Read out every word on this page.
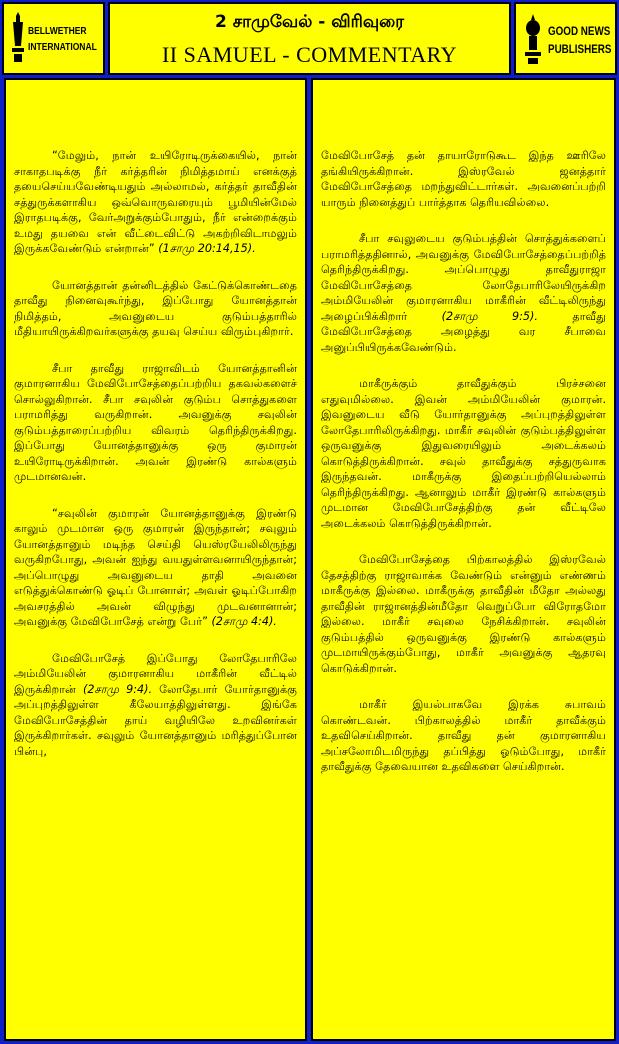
BELLWETHER
INTERNATIONAL
2 சாமுவேல் - விரிவுரை
II SAMUEL - COMMENTARY
GOOD NEWS
PUBLISHERS

“மேலும், நான் உயிரோடிருக்கையில், நான் சாகாதபடிக்கு நீர் கர்த்தரின் நிமித்தமாய் எனக்குத் தயைசெய்யவேண்டியதும் அல்லாமல், கர்த்தர் தாவீதின் சத்துருக்களாகிய ஒவ்வொருவரையும் பூமியின்மேல் இராதபடிக்கு, வேர்அறுக்கும்போதும், நீர் என்றைக்கும் உமது தயவை என் வீட்டைவிட்டு அகற்றிவிடாமலும் இருக்கவேண்டும் என்றான்” (1சாமு 20:14,15).

யோனத்தான் தன்னிடத்தில் கேட்டுக்கொண்டதை தாவீது நினைவுகூர்ந்து, இப்போது யோனத்தான் நிமித்தம், அவனுடைய குடும்பத்தாரில் மீதியாயிருக்கிறவர்களுக்கு தயவு செய்ய விரும்புகிறார்.

சீபா தாவீது ராஜாவிடம் யோனத்தானின் குமாரனாகிய மேவிபோசேத்தைப்பற்றிய தகவல்களைச் சொல்லுகிறான். சீபா சவுலின் குடும்ப சொத்துகளை பராமரித்து வருகிறான். அவனுக்கு சவுலின் குடும்பத்தாரைப்பற்றிய விவரம் தெரிந்திருக்கிறது. இப்போது யோனத்தானுக்கு ஒரு குமாரன் உயிரோடிருக்கிறான். அவன் இரண்டு கால்களும் முடமானவன்.

“சவுலின் குமாரன் யோனத்தானுக்கு இரண்டு காலும் முடமான ஒரு குமாரன் இருந்தான்; சவுலும் யோனத்தானும் மடிந்த செய்தி யெஸ்ரயேலிலிருந்து வருகிறபோது, அவன் ஐந்து வயதுள்ளவனாயிருந்தான்; அப்பொழுது அவனுடைய தாதி அவனை எடுத்துக்கொண்டு ஓடிப் போனாள்; அவள் ஓடிப்போகிற அவசரத்தில் அவன் விழுந்து முடவனானான்; அவனுக்கு மேவிபோசேத் என்று பேர்” (2சாமு 4:4).

மேவிபோசேத் இப்போது லோதேபாரிலே அம்மியேலின் குமாரனாகிய மாகீரின் வீட்டில் இருக்கிறான் (2சாமு 9:4). லோதேபார் யோர்தானுக்கு அப்புறத்திலுள்ள கீலேயாத்திலுள்ளது. இங்கே மேவிபோசேத்தின் தாய் வழியிலே உறவினர்கள் இருக்கிறார்கள். சவுலும் யோனத்தானும் மரித்துப்போன பின்பு,

மேவிபோசேத் தன் தாயாரோடுகூட இந்த ஊரிலே தங்கியிருக்கிறான். இஸ்ரவேல் ஜனத்தார் மேவிபோசேத்தை மறந்துவிட்டார்கள். அவனைப்பற்றி யாரும் நினைத்துப் பார்த்தாக தெரியவில்லை.

சீபா சவுலுடைய குடும்பத்தின் சொத்துக்களைப் பராமரித்ததினால், அவனுக்கு மேவிபோசேத்தைப்பற்றித் தெரிந்திருக்கிறது. அப்பொழுது தாவீதுராஜா மேவிபோசேத்தை லோதேபாரிலேயிருக்கிற அம்மியேலின் குமாரனாகிய மாகீரின் வீட்டிலிருந்து அழைப்பிக்கிறார் (2சாமு 9:5). தாவீது மேவிபோசேத்தை அழைத்து வர சீபாவை அனுப்பியிருக்கவேண்டும்.

மாகீருக்கும் தாவீதுக்கும் பிரச்சனை எதுவுமில்லை. இவன் அம்மியேலின் குமாரன். இவனுடைய வீடு யோர்தானுக்கு அப்புறத்திலுள்ள லோதேபாரிலிருக்கிறது. மாகீர் சவுலின் குடும்பத்திலுள்ள ஒருவனுக்கு இதுவரையிலும் அடைக்கலம் கொடுத்திருக்கிறான். சவுல் தாவீதுக்கு சத்துருவாக இருந்தவன். மாகீருக்கு இதைப்பற்றியெல்லாம் தெரிந்திருக்கிறது. ஆனாலும் மாகீர் இரண்டு கால்களும் முடமான மேவிபோசேத்திற்கு தன் வீட்டிலே அடைக்கலம் கொடுத்திருக்கிறான்.

மேவிபோசேத்தை பிற்காலத்தில் இஸ்ரவேல் தேசத்திற்கு ராஜாவாக்க வேண்டும் என்னும் எண்ணம் மாகீருக்கு இல்லை. மாகீருக்கு தாவீதின் மீதோ அல்லது தாவீதின் ராஜானத்தின்மீதோ வெறுப்போ விரோதமோ இல்லை. மாகீர் சவுலை நேசிக்கிறான். சவுலின் குடும்பத்தில் ஒருவனுக்கு இரண்டு கால்களும் முடமாயிருக்கும்போது, மாகீர் அவனுக்கு ஆதரவு கொடுக்கிறான்.

மாகீர் இயல்பாகவே இரக்க சுபாவம் கொண்டவன். பிற்காலத்தில் மாகீர் தாவீக்கும் உதவிசெய்கிறான். தாவீது தன் குமாரனாகிய அப்சலோமிடமிருந்து தப்பித்து ஓடும்போது, மாகீர் தாவீதுக்கு தேவையான உதவிகளை செய்கிறான்.
